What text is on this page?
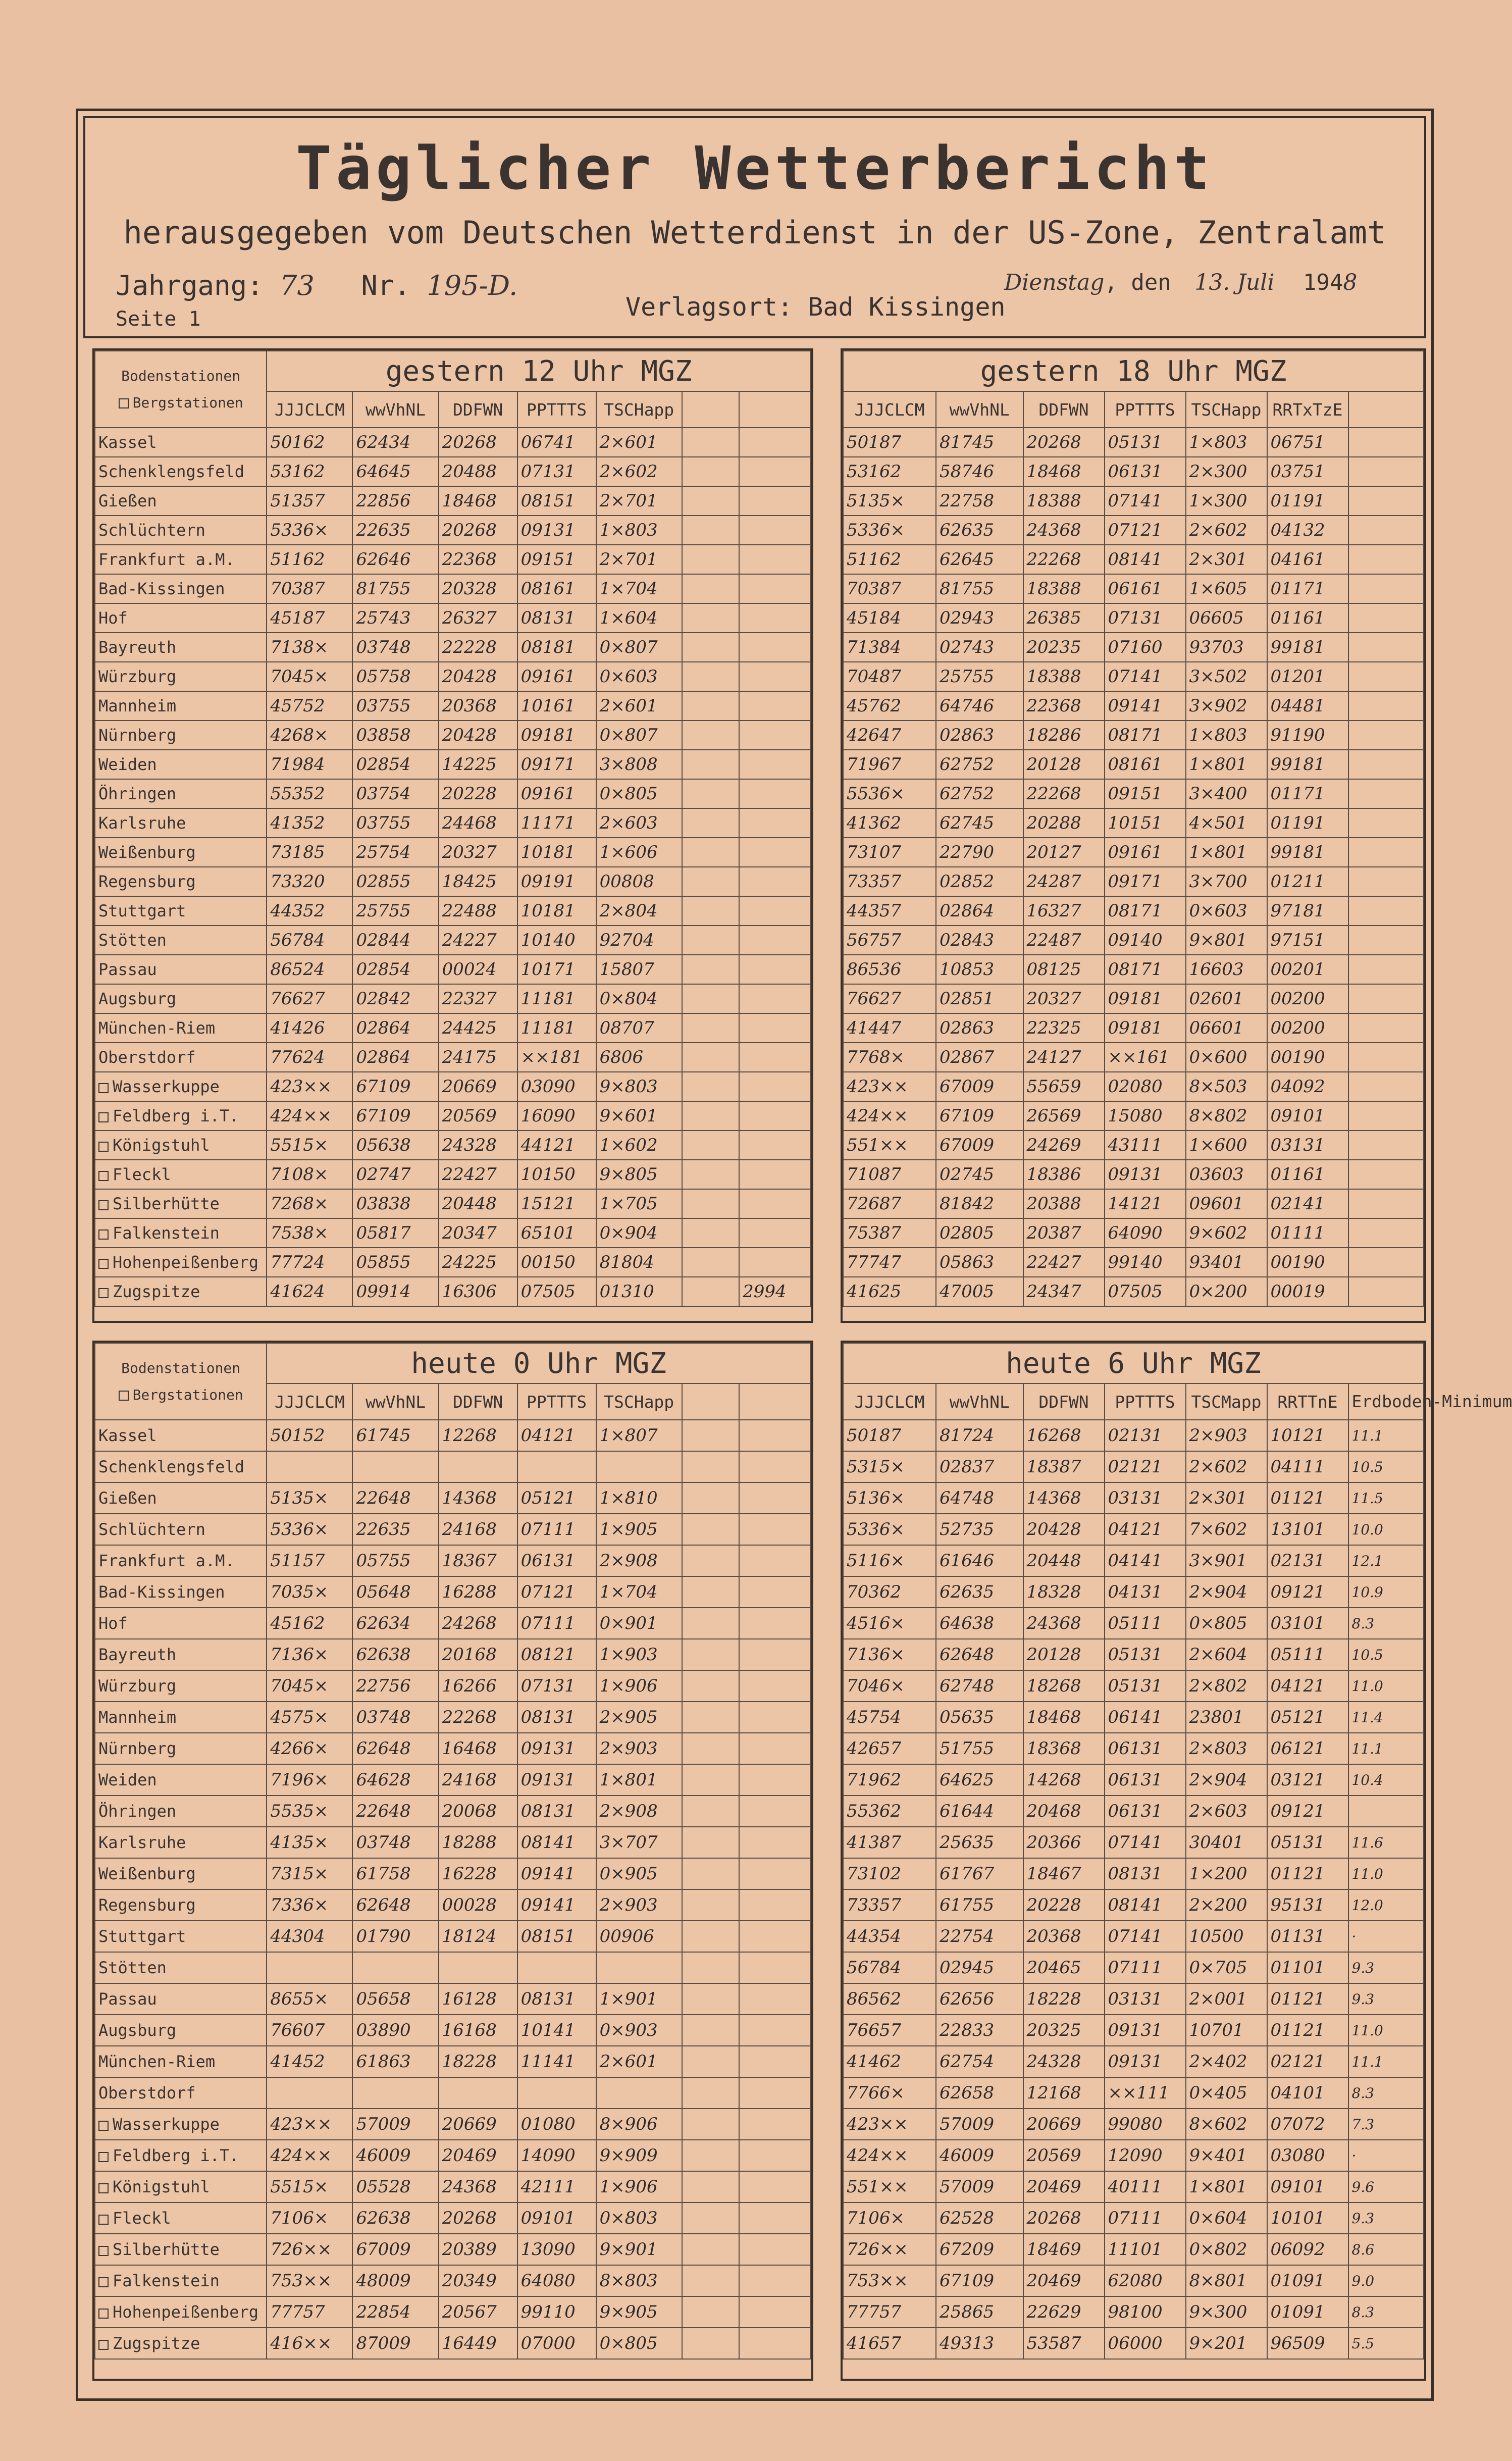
Täglicher Wetterbericht
herausgegeben vom Deutschen Wetterdienst in der US-Zone, Zentralamt
Jahrgang: 73 Nr. 195-D.
Seite 1	Verlagsort: Bad Kissingen
Dienstag, den 13. Juli 1948
Bodenstationen
Bergstationen	gestern 12 Uhr MGZ						
	JJJCLCM	wwVhNL	DDFWN	PPTTTS	TSCHapp		
Kassel	50162	62434	20268	06741	2×601		
Schenklengsfeld	53162	64645	20488	07131	2×602		
Gießen	51357	22856	18468	08151	2×701		
Schlüchtern	5336×	22635	20268	09131	1×803		
Frankfurt a.M.	51162	62646	22368	09151	2×701		
Bad-Kissingen	70387	81755	20328	08161	1×704		
Hof	45187	25743	26327	08131	1×604		
Bayreuth	7138×	03748	22228	08181	0×807		
Würzburg	7045×	05758	20428	09161	0×603		
Mannheim	45752	03755	20368	10161	2×601		
Nürnberg	4268×	03858	20428	09181	0×807		
Weiden	71984	02854	14225	09171	3×808		
Öhringen	55352	03754	20228	09161	0×805		
Karlsruhe	41352	03755	24468	11171	2×603		
Weißenburg	73185	25754	20327	10181	1×606		
Regensburg	73320	02855	18425	09191	00808		
Stuttgart	44352	25755	22488	10181	2×804		
Stötten	56784	02844	24227	10140	92704		
Passau	86524	02854	00024	10171	15807		
Augsburg	76627	02842	22327	11181	0×804		
München-Riem	41426	02864	24425	11181	08707		
Oberstdorf	77624	02864	24175	××181	6806		
Wasserkuppe	423××	67109	20669	03090	9×803		
Feldberg i.T.	424××	67109	20569	16090	9×601		
Königstuhl	5515×	05638	24328	44121	1×602		
Fleckl	7108×	02747	22427	10150	9×805		
Silberhütte	7268×	03838	20448	15121	1×705		
Falkenstein	7538×	05817	20347	65101	0×904		
Hohenpeißenberg	77724	05855	24225	00150	81804		
Zugspitze	41624	09914	16306	07505	01310		2994
gestern 18 Uhr MGZ						
JJJCLCM	wwVhNL	DDFWN	PPTTTS	TSCHapp	RRTxTzE	
50187	81745	20268	05131	1×803	06751	
53162	58746	18468	06131	2×300	03751	
5135×	22758	18388	07141	1×300	01191	
5336×	62635	24368	07121	2×602	04132	
51162	62645	22268	08141	2×301	04161	
70387	81755	18388	06161	1×605	01171	
45184	02943	26385	07131	06605	01161	
71384	02743	20235	07160	93703	99181	
70487	25755	18388	07141	3×502	01201	
45762	64746	22368	09141	3×902	04481	
42647	02863	18286	08171	1×803	91190	
71967	62752	20128	08161	1×801	99181	
5536×	62752	22268	09151	3×400	01171	
41362	62745	20288	10151	4×501	01191	
73107	22790	20127	09161	1×801	99181	
73357	02852	24287	09171	3×700	01211	
44357	02864	16327	08171	0×603	97181	
56757	02843	22487	09140	9×801	97151	
86536	10853	08125	08171	16603	00201	
76627	02851	20327	09181	02601	00200	
41447	02863	22325	09181	06601	00200	
7768×	02867	24127	××161	0×600	00190	
423××	67009	55659	02080	8×503	04092	
424××	67109	26569	15080	8×802	09101	
551××	67009	24269	43111	1×600	03131	
71087	02745	18386	09131	03603	01161	
72687	81842	20388	14121	09601	02141	
75387	02805	20387	64090	9×602	01111	
77747	05863	22427	99140	93401	00190	
41625	47005	24347	07505	0×200	00019	
Bodenstationen
Bergstationen	heute 0 Uhr MGZ						
	JJJCLCM	wwVhNL	DDFWN	PPTTTS	TSCHapp		
Kassel	50152	61745	12268	04121	1×807		
Schenklengsfeld							
Gießen	5135×	22648	14368	05121	1×810		
Schlüchtern	5336×	22635	24168	07111	1×905		
Frankfurt a.M.	51157	05755	18367	06131	2×908		
Bad-Kissingen	7035×	05648	16288	07121	1×704		
Hof	45162	62634	24268	07111	0×901		
Bayreuth	7136×	62638	20168	08121	1×903		
Würzburg	7045×	22756	16266	07131	1×906		
Mannheim	4575×	03748	22268	08131	2×905		
Nürnberg	4266×	62648	16468	09131	2×903		
Weiden	7196×	64628	24168	09131	1×801		
Öhringen	5535×	22648	20068	08131	2×908		
Karlsruhe	4135×	03748	18288	08141	3×707		
Weißenburg	7315×	61758	16228	09141	0×905		
Regensburg	7336×	62648	00028	09141	2×903		
Stuttgart	44304	01790	18124	08151	00906		
Stötten							
Passau	8655×	05658	16128	08131	1×901		
Augsburg	76607	03890	16168	10141	0×903		
München-Riem	41452	61863	18228	11141	2×601		
Oberstdorf							
Wasserkuppe	423××	57009	20669	01080	8×906		
Feldberg i.T.	424××	46009	20469	14090	9×909		
Königstuhl	5515×	05528	24368	42111	1×906		
Fleckl	7106×	62638	20268	09101	0×803		
Silberhütte	726××	67009	20389	13090	9×901		
Falkenstein	753××	48009	20349	64080	8×803		
Hohenpeißenberg	77757	22854	20567	99110	9×905		
Zugspitze	416××	87009	16449	07000	0×805		
heute 6 Uhr MGZ						
JJJCLCM	wwVhNL	DDFWN	PPTTTS	TSCMapp	RRTTnE	Erdboden-Minimum
50187	81724	16268	02131	2×903	10121	11.1
5315×	02837	18387	02121	2×602	04111	10.5
5136×	64748	14368	03131	2×301	01121	11.5
5336×	52735	20428	04121	7×602	13101	10.0
5116×	61646	20448	04141	3×901	02131	12.1
70362	62635	18328	04131	2×904	09121	10.9
4516×	64638	24368	05111	0×805	03101	8.3
7136×	62648	20128	05131	2×604	05111	10.5
7046×	62748	18268	05131	2×802	04121	11.0
45754	05635	18468	06141	23801	05121	11.4
42657	51755	18368	06131	2×803	06121	11.1
71962	64625	14268	06131	2×904	03121	10.4
55362	61644	20468	06131	2×603	09121	
41387	25635	20366	07141	30401	05131	11.6
73102	61767	18467	08131	1×200	01121	11.0
73357	61755	20228	08141	2×200	95131	12.0
44354	22754	20368	07141	10500	01131	·
56784	02945	20465	07111	0×705	01101	9.3
86562	62656	18228	03131	2×001	01121	9.3
76657	22833	20325	09131	10701	01121	11.0
41462	62754	24328	09131	2×402	02121	11.1
7766×	62658	12168	××111	0×405	04101	8.3
423××	57009	20669	99080	8×602	07072	7.3
424××	46009	20569	12090	9×401	03080	·
551××	57009	20469	40111	1×801	09101	9.6
7106×	62528	20268	07111	0×604	10101	9.3
726××	67209	18469	11101	0×802	06092	8.6
753××	67109	20469	62080	8×801	01091	9.0
77757	25865	22629	98100	9×300	01091	8.3
41657	49313	53587	06000	9×201	96509	5.5
